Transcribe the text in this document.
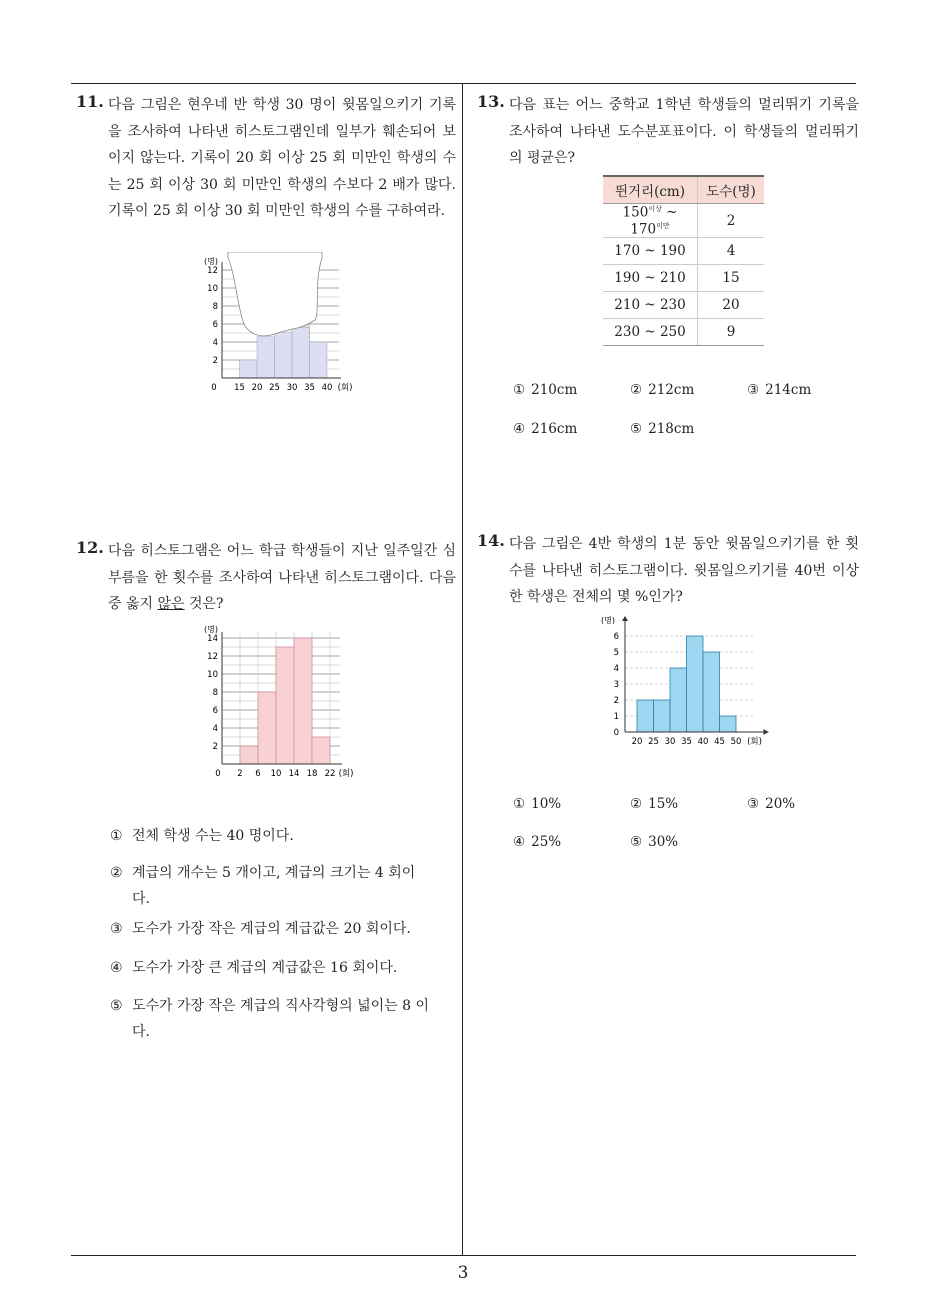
11. 다음 그림은 현우네 반 학생 30 명이 윗몸일으키기 기록을 조사하여 나타낸 히스토그램인데 일부가 훼손되어 보이지 않는다. 기록이 20 회 이상 25 회 미만인 학생의 수는 25 회 이상 30 회 미만인 학생의 수보다 2 배가 많다. 기록이 25 회 이상 30 회 미만인 학생의 수를 구하여라.
(명)
2
4
6
8
10
12
0 15 20 25 30 35 40 (회)
12. 다음 히스토그램은 어느 학급 학생들이 지난 일주일간 심부름을 한 횟수를 조사하여 나타낸 히스토그램이다. 다음 중 옳지 않은 것은?
(명)
2
4
6
8
10
12
14
0 2 6 10 14 18 22 (회)
① 전체 학생 수는 40 명이다.
② 계급의 개수는 5 개이고, 계급의 크기는 4 회이다.
③ 도수가 가장 작은 계급의 계급값은 20 회이다.
④ 도수가 가장 큰 계급의 계급값은 16 회이다.
⑤ 도수가 가장 작은 계급의 직사각형의 넓이는 8 이다.
13. 다음 표는 어느 중학교 1학년 학생들의 멀리뛰기 기록을 조사하여 나타낸 도수분포표이다. 이 학생들의 멀리뛰기의 평균은?
뛴거리(cm)	도수(명)
$150^{이상}$ ~ $170^{미만}$	2
170 ~ 190	4
190 ~ 210	15
210 ~ 230	20
230 ~ 250	9
① 210cm	② 212cm	③ 214cm
④ 216cm	⑤ 218cm
14. 다음 그림은 4반 학생의 1분 동안 윗몸일으키기를 한 횟수를 나타낸 히스토그램이다. 윗몸일으키기를 40번 이상한 학생은 전체의 몇 %인가?
(명)
0
1
2
3
4
5
6
20 25 30 35 40 45 50 (회)
① 10%	② 15%	③ 20%
④ 25%	⑤ 30%
3
